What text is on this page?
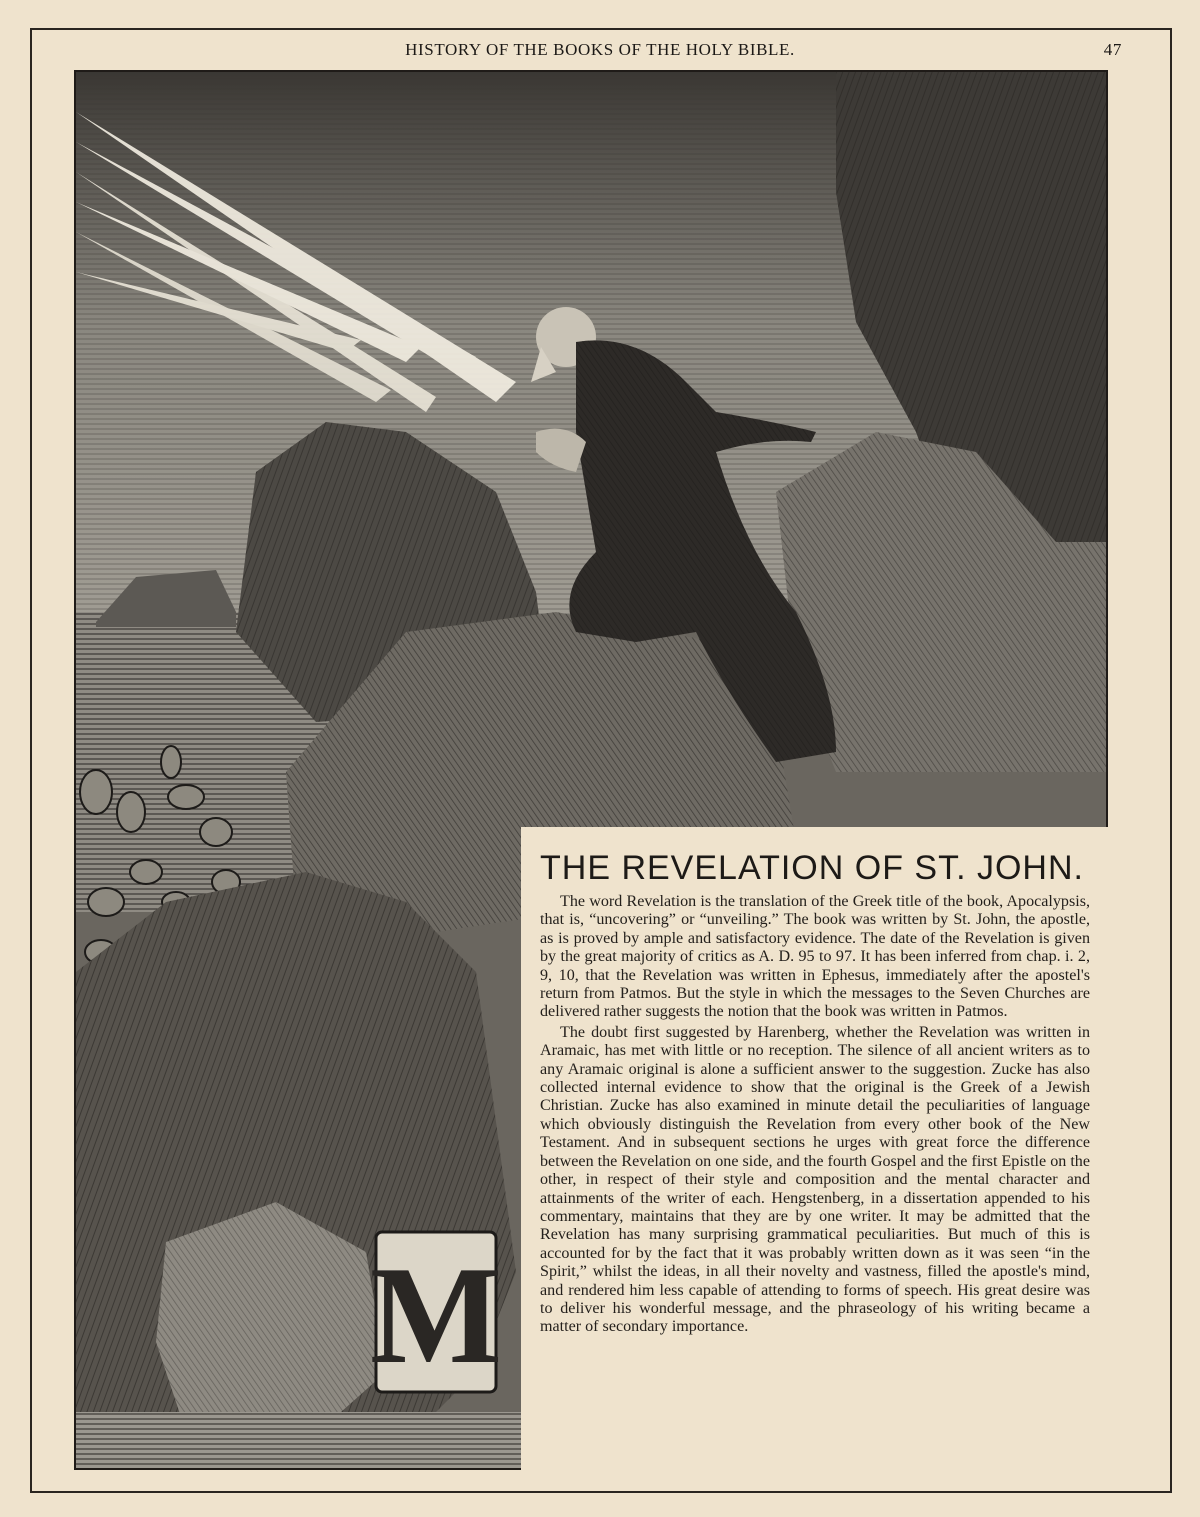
HISTORY OF THE BOOKS OF THE HOLY BIBLE.	47
M
THE REVELATION OF ST. JOHN.

The word Revelation is the translation of the Greek title of the book, Apocalypsis, that is, “uncovering” or “unveiling.” The book was written by St. John, the apostle, as is proved by ample and satisfactory evidence. The date of the Revelation is given by the great majority of critics as A. D. 95 to 97. It has been inferred from chap. i. 2, 9, 10, that the Revelation was written in Ephesus, immediately after the apostel's return from Patmos. But the style in which the messages to the Seven Churches are delivered rather suggests the notion that the book was written in Patmos.

The doubt first suggested by Harenberg, whether the Revelation was written in Aramaic, has met with little or no reception. The silence of all ancient writers as to any Aramaic original is alone a sufficient answer to the suggestion. Zucke has also collected internal evidence to show that the original is the Greek of a Jewish Christian. Zucke has also examined in minute detail the peculiarities of language which obviously distinguish the Revelation from every other book of the New Testament. And in subsequent sections he urges with great force the difference between the Revelation on one side, and the fourth Gospel and the first Epistle on the other, in respect of their style and composition and the mental character and attainments of the writer of each. Hengstenberg, in a dissertation appended to his commentary, maintains that they are by one writer. It may be admitted that the Revelation has many surprising grammatical peculiarities. But much of this is accounted for by the fact that it was probably written down as it was seen “in the Spirit,” whilst the ideas, in all their novelty and vastness, filled the apostle's mind, and rendered him less capable of attending to forms of speech. His great desire was to deliver his wonderful message, and the phraseology of his writing became a matter of secondary importance.
